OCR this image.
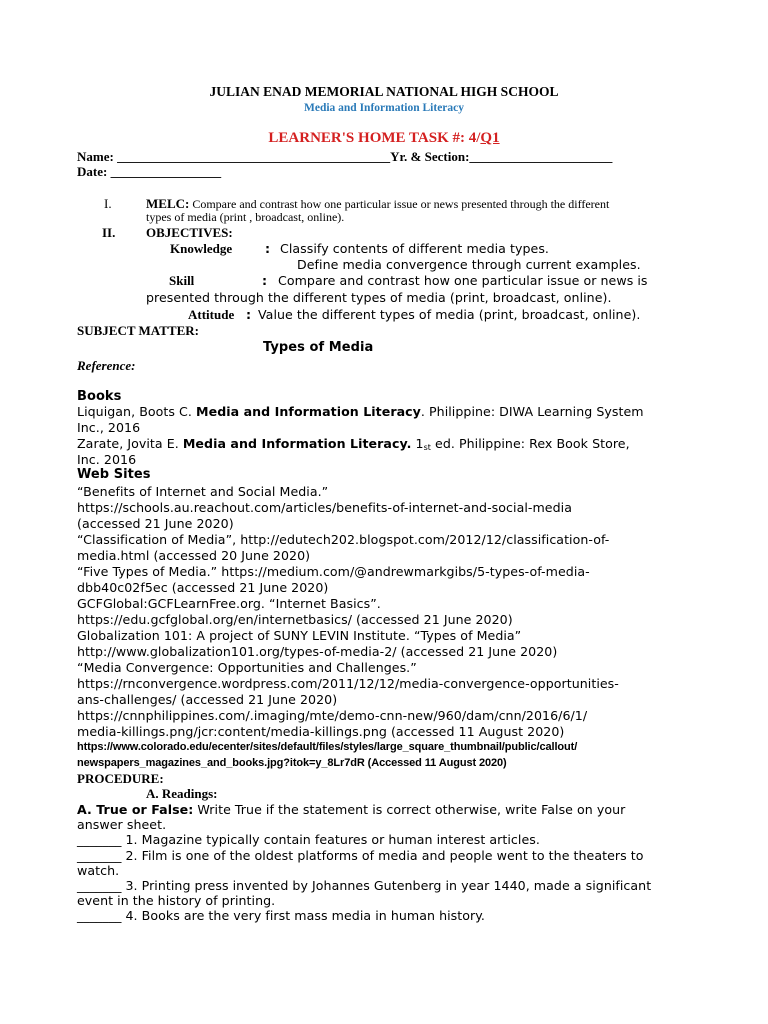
JULIAN ENAD MEMORIAL NATIONAL HIGH SCHOOL
Media and Information Literacy
LEARNER'S HOME TASK #: 4/Q1
Name: __________________________________________Yr. & Section:______________________
Date: _________________
I.	MELC: Compare and contrast how one particular issue or news presented through the different
types of media (print , broadcast, online).
II. OBJECTIVES:
Knowledge	: Classify contents of different media types.
Define media convergence through current examples.
Skill	: Compare and contrast how one particular issue or news is
presented through the different types of media (print, broadcast, online).
Attitude : Value the different types of media (print, broadcast, online).
SUBJECT MATTER:
Types of Media
Reference:
Books
Liquigan, Boots C. Media and Information Literacy. Philippine: DIWA Learning System
Inc., 2016
Zarate, Jovita E. Media and Information Literacy. 1st ed. Philippine: Rex Book Store,
Inc. 2016
Web Sites
“Benefits of Internet and Social Media.”
https://schools.au.reachout.com/articles/benefits-of-internet-and-social-media
(accessed 21 June 2020)
“Classification of Media”, http://edutech202.blogspot.com/2012/12/classification-of-
media.html (accessed 20 June 2020)
“Five Types of Media.” https://medium.com/@andrewmarkgibs/5-types-of-media-
dbb40c02f5ec (accessed 21 June 2020)
GCFGlobal:GCFLearnFree.org. “Internet Basics”.
https://edu.gcfglobal.org/en/internetbasics/ (accessed 21 June 2020)
Globalization 101: A project of SUNY LEVIN Institute. “Types of Media”
http://www.globalization101.org/types-of-media-2/ (accessed 21 June 2020)
“Media Convergence: Opportunities and Challenges.”
https://rnconvergence.wordpress.com/2011/12/12/media-convergence-opportunities-
ans-challenges/ (accessed 21 June 2020)
https://cnnphilippines.com/.imaging/mte/demo-cnn-new/960/dam/cnn/2016/6/1/
media-killings.png/jcr:content/media-killings.png (accessed 11 August 2020)
https://www.colorado.edu/ecenter/sites/default/files/styles/large_square_thumbnail/public/callout/
newspapers_magazines_and_books.jpg?itok=y_8Lr7dR (Accessed 11 August 2020)
PROCEDURE:
A. Readings:
A. True or False: Write True if the statement is correct otherwise, write False on your
answer sheet.
_______ 1. Magazine typically contain features or human interest articles.
_______ 2. Film is one of the oldest platforms of media and people went to the theaters to
watch.
_______ 3. Printing press invented by Johannes Gutenberg in year 1440, made a significant
event in the history of printing.
_______ 4. Books are the very first mass media in human history.
